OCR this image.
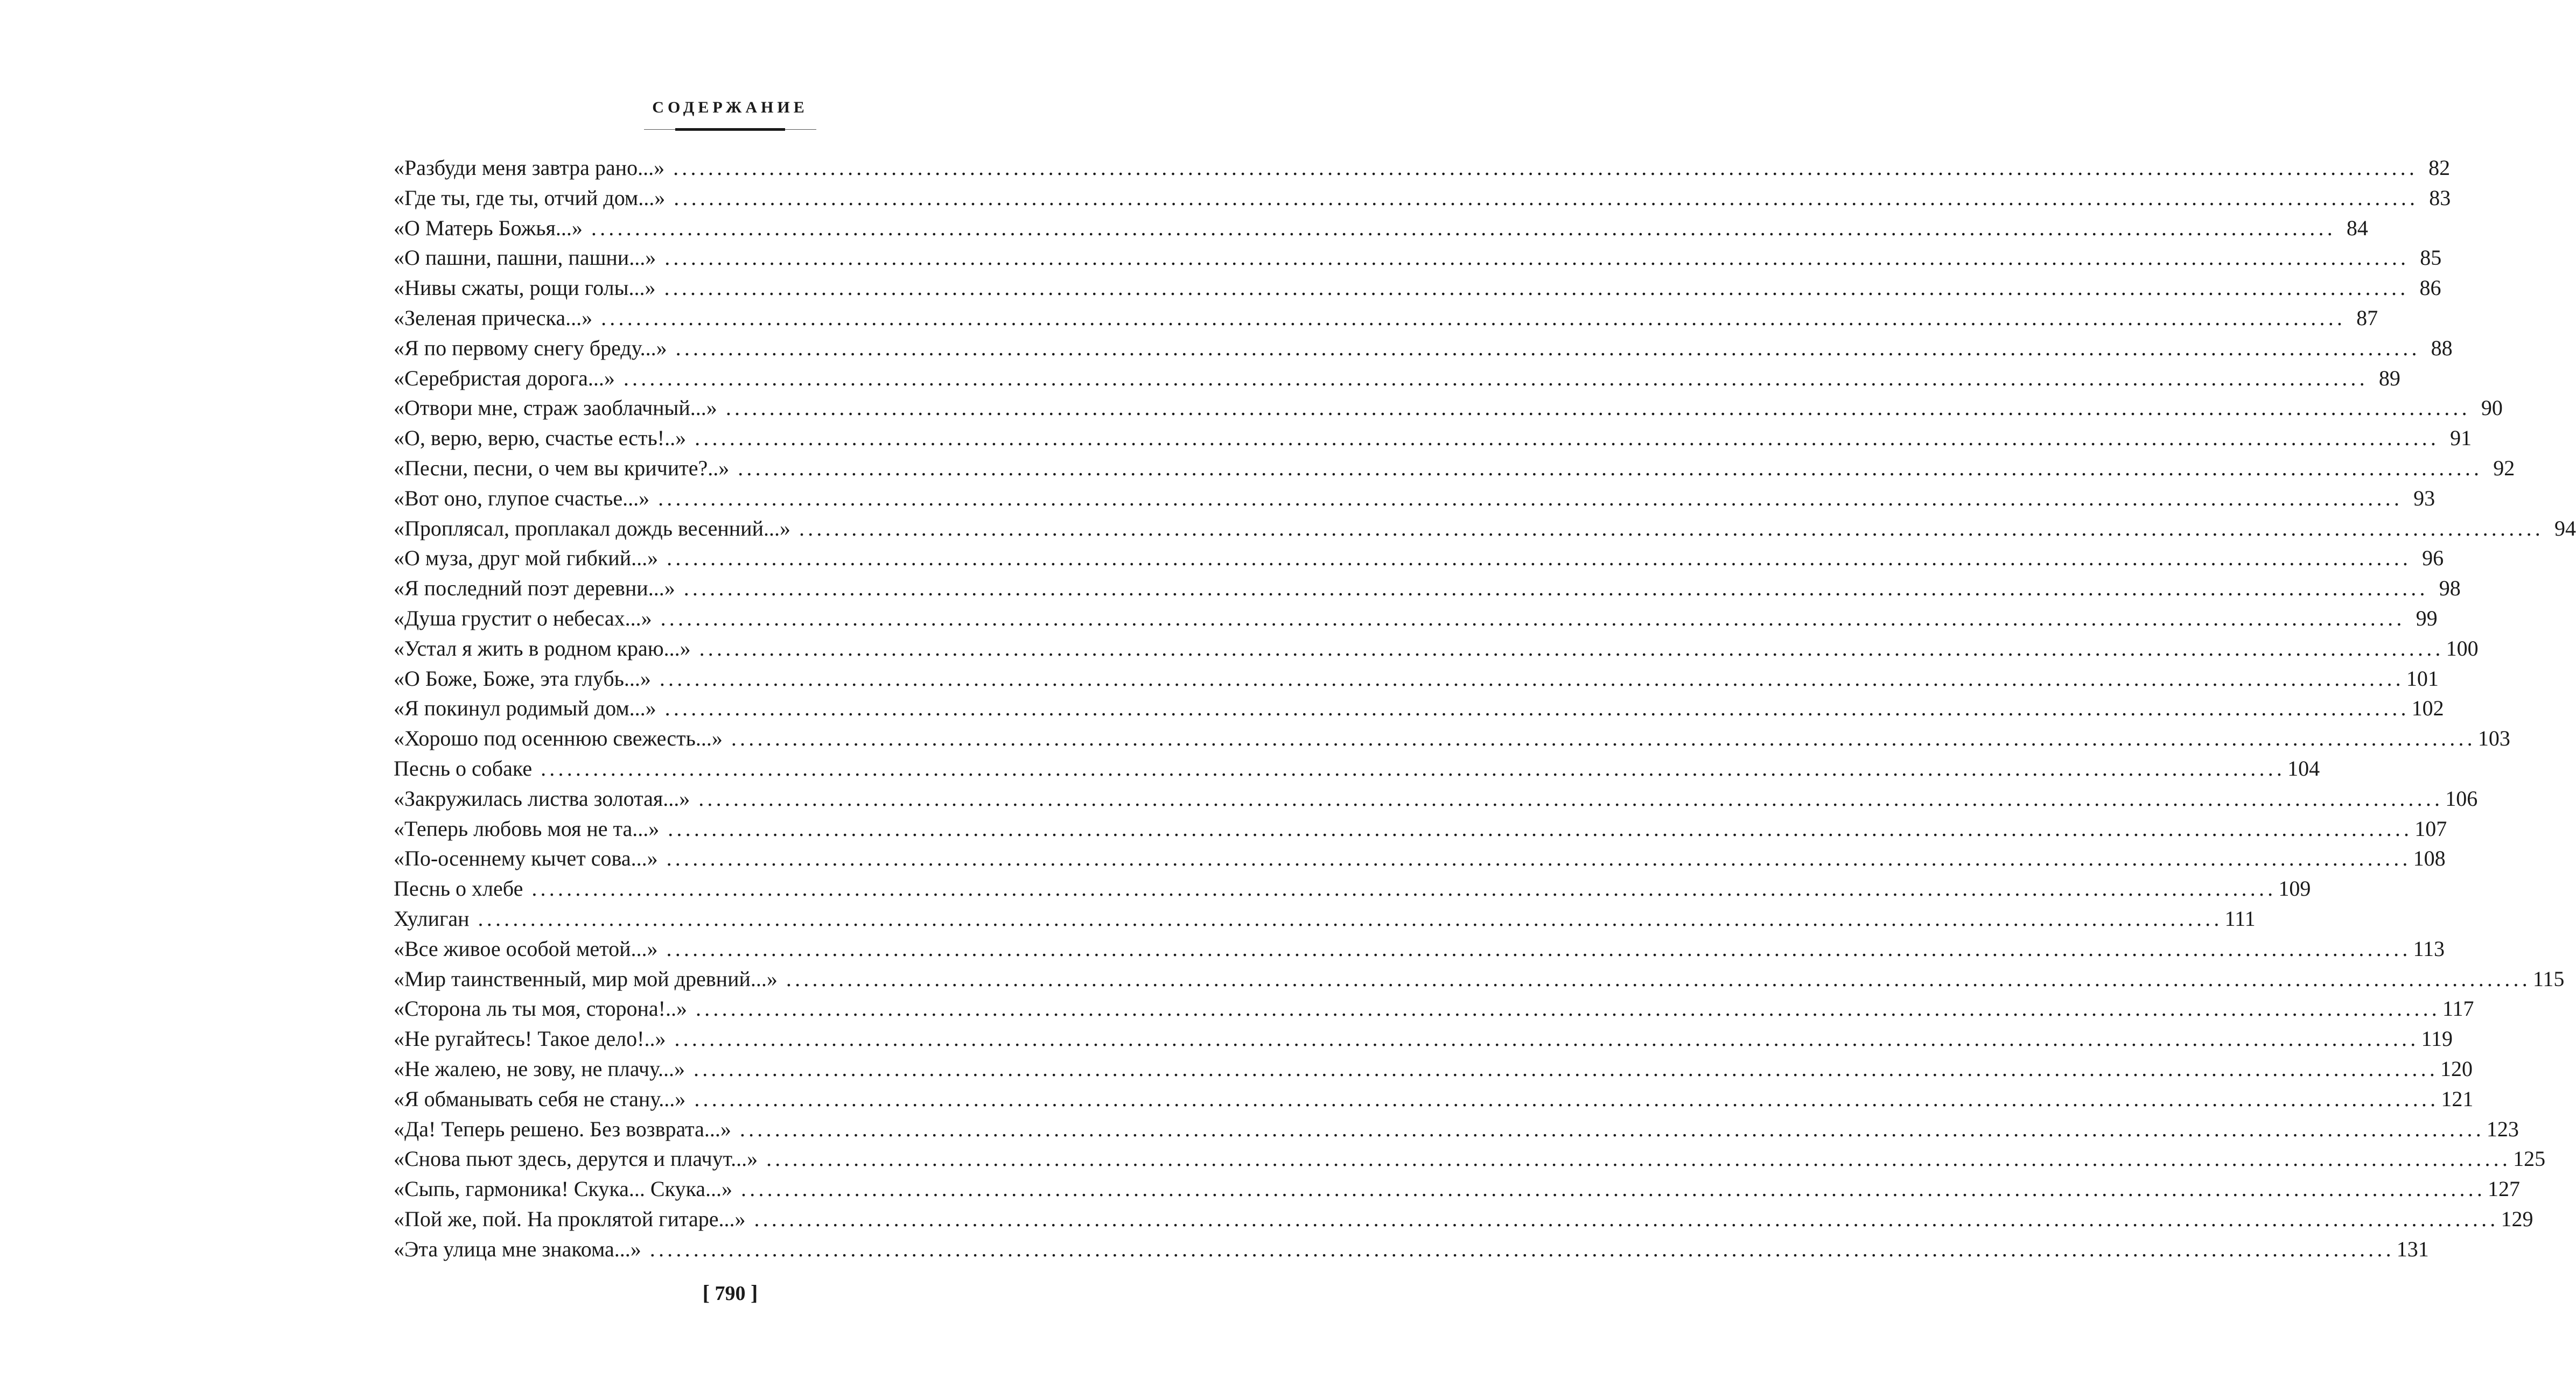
СОДЕРЖАНИЕ
«Разбуди меня завтра рано...» ........................................................................................................................................................................................................ 82
«Где ты, где ты, отчий дом...» ........................................................................................................................................................................................................ 83
«О Матерь Божья...» ........................................................................................................................................................................................................ 84
«О пашни, пашни, пашни...» ........................................................................................................................................................................................................ 85
«Нивы сжаты, рощи голы...» ........................................................................................................................................................................................................ 86
«Зеленая прическа...» ........................................................................................................................................................................................................ 87
«Я по первому снегу бреду...» ........................................................................................................................................................................................................ 88
«Серебристая дорога...» ........................................................................................................................................................................................................ 89
«Отвори мне, страж заоблачный...» ........................................................................................................................................................................................................ 90
«О, верю, верю, счастье есть!..» ........................................................................................................................................................................................................ 91
«Песни, песни, о чем вы кричите?..» ........................................................................................................................................................................................................ 92
«Вот оно, глупое счастье...» ........................................................................................................................................................................................................ 93
«Проплясал, проплакал дождь весенний...» ........................................................................................................................................................................................................ 94
«О муза, друг мой гибкий...» ........................................................................................................................................................................................................ 96
«Я последний поэт деревни...» ........................................................................................................................................................................................................ 98
«Душа грустит о небесах...» ........................................................................................................................................................................................................ 99
«Устал я жить в родном краю...» ........................................................................................................................................................................................................ 100
«О Боже, Боже, эта глубь...» ........................................................................................................................................................................................................ 101
«Я покинул родимый дом...» ........................................................................................................................................................................................................ 102
«Хорошо под осеннюю свежесть...» ........................................................................................................................................................................................................ 103
Песнь о собаке ........................................................................................................................................................................................................ 104
«Закружилась листва золотая...» ........................................................................................................................................................................................................ 106
«Теперь любовь моя не та...» ........................................................................................................................................................................................................ 107
«По-осеннему кычет сова...» ........................................................................................................................................................................................................ 108
Песнь о хлебе ........................................................................................................................................................................................................ 109
Хулиган ........................................................................................................................................................................................................ 111
«Все живое особой метой...» ........................................................................................................................................................................................................ 113
«Мир таинственный, мир мой древний...» ........................................................................................................................................................................................................ 115
«Сторона ль ты моя, сторона!..» ........................................................................................................................................................................................................ 117
«Не ругайтесь! Такое дело!..» ........................................................................................................................................................................................................ 119
«Не жалею, не зову, не плачу...» ........................................................................................................................................................................................................ 120
«Я обманывать себя не стану...» ........................................................................................................................................................................................................ 121
«Да! Теперь решено. Без возврата...» ........................................................................................................................................................................................................ 123
«Снова пьют здесь, дерутся и плачут...» ........................................................................................................................................................................................................ 125
«Сыпь, гармоника! Скука... Скука...» ........................................................................................................................................................................................................ 127
«Пой же, пой. На проклятой гитаре...» ........................................................................................................................................................................................................ 129
«Эта улица мне знакома...» ........................................................................................................................................................................................................ 131
[ 790 ]
